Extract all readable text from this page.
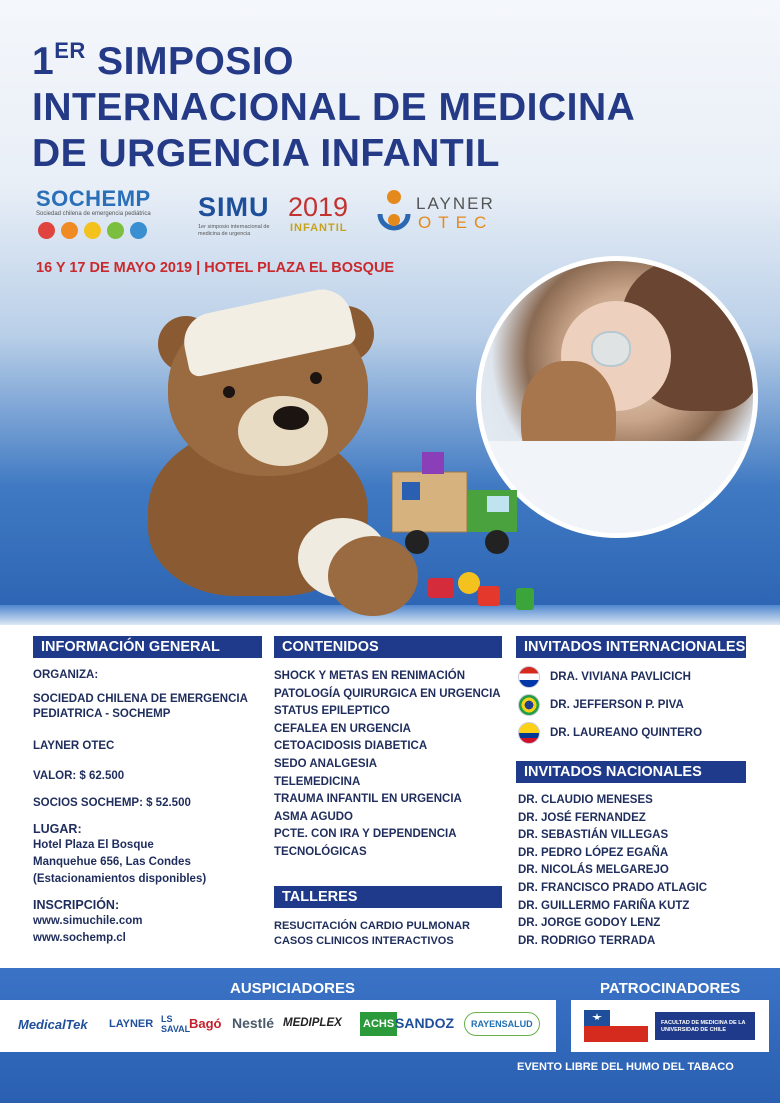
1ER SIMPOSIO
INTERNACIONAL DE MEDICINA
DE URGENCIA INFANTIL
SOCHEMP
Sociedad chilena de emergencia pediátrica SIMU 2019
1er simposio internacional de medicina de urgencia	INFANTIL
LAYNER
OTEC
16 Y 17 DE MAYO 2019 | HOTEL PLAZA EL BOSQUE
INFORMACIÓN GENERAL
ORGANIZA:
SOCIEDAD CHILENA DE EMERGENCIA
PEDIATRICA - SOCHEMP
LAYNER OTEC
VALOR: $ 62.500
SOCIOS SOCHEMP: $ 52.500
LUGAR:
Hotel Plaza El Bosque
Manquehue 656, Las Condes
(Estacionamientos disponibles)
INSCRIPCIÓN:
www.simuchile.com
www.sochemp.cl
CONTENIDOS
SHOCK Y METAS EN RENIMACIÓN
PATOLOGÍA QUIRURGICA EN URGENCIA
STATUS EPILEPTICO
CEFALEA EN URGENCIA
CETOACIDOSIS DIABETICA
SEDO ANALGESIA
TELEMEDICINA
TRAUMA INFANTIL EN URGENCIA
ASMA AGUDO
PCTE. CON IRA Y DEPENDENCIA
TECNOLÓGICAS
TALLERES
RESUCITACIÓN CARDIO PULMONAR
CASOS CLINICOS INTERACTIVOS
INVITADOS INTERNACIONALES
DRA. VIVIANA PAVLICICH
DR. JEFFERSON P. PIVA
DR. LAUREANO QUINTERO
INVITADOS NACIONALES
DR. CLAUDIO MENESES
DR. JOSÉ FERNANDEZ
DR. SEBASTIÁN VILLEGAS
DR. PEDRO LÓPEZ EGAÑA
DR. NICOLÁS MELGAREJO
DR. FRANCISCO PRADO ATLAGIC
DR. GUILLERMO FARIÑA KUTZ
DR. JORGE GODOY LENZ
DR. RODRIGO TERRADA
AUSPICIADORES	PATROCINADORES
MedicalTek LAYNER LS SAVAL
Bagó Nestlé MEDIPLEX ACHS SANDOZ	RAYENSALUD	FACULTAD DE MEDICINA DE LA UNIVERSIDAD DE CHILE
EVENTO LIBRE DEL HUMO DEL TABACO
